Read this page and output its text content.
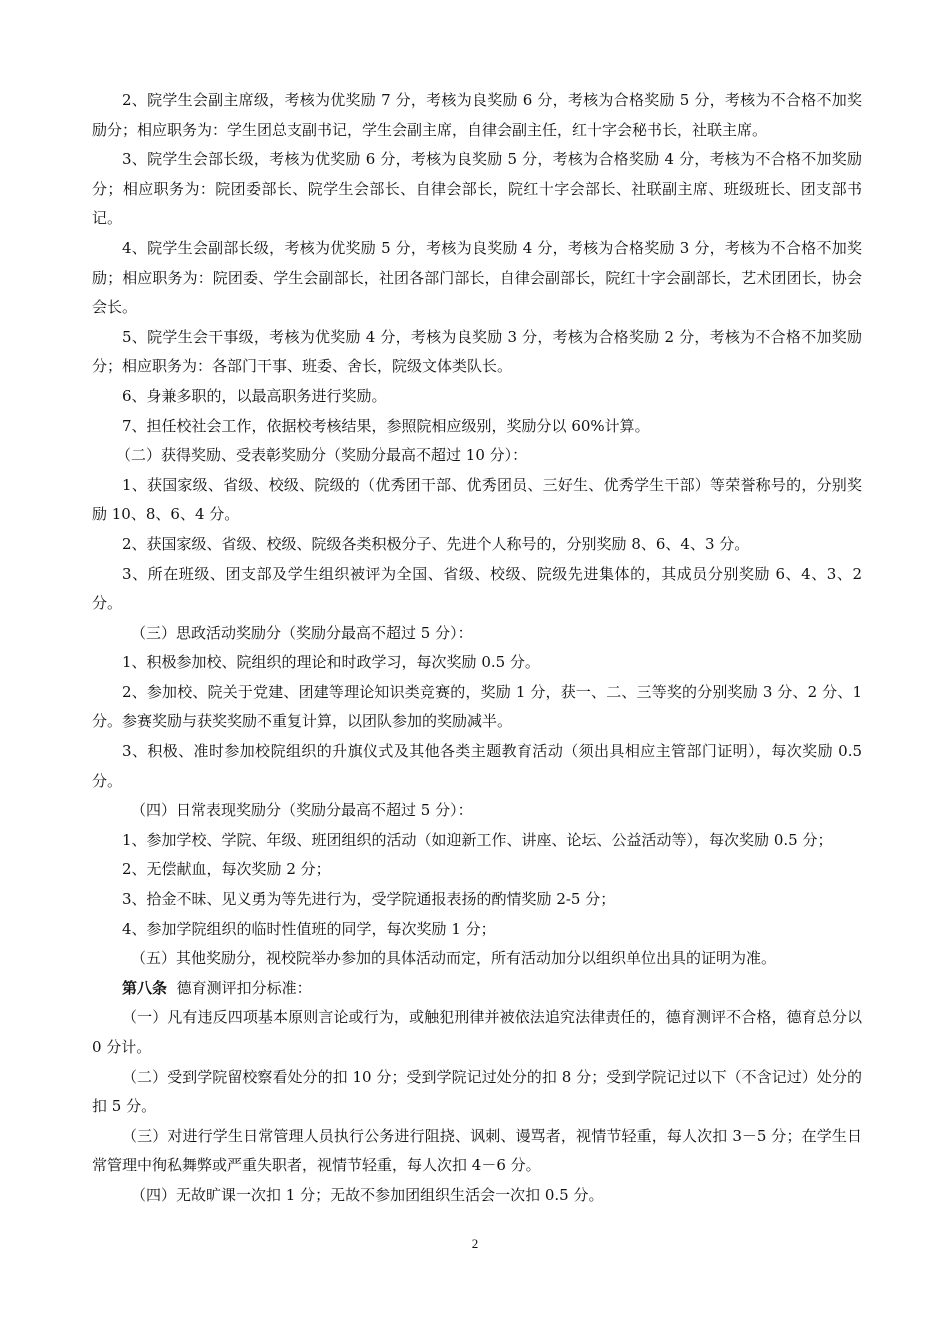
2、院学生会副主席级，考核为优奖励 7 分，考核为良奖励 6 分，考核为合格奖励 5 分，考核为不合格不加奖励分；相应职务为：学生团总支副书记，学生会副主席，自律会副主任，红十字会秘书长，社联主席。

3、院学生会部长级，考核为优奖励 6 分，考核为良奖励 5 分，考核为合格奖励 4 分，考核为不合格不加奖励分；相应职务为：院团委部长、院学生会部长、自律会部长，院红十字会部长、社联副主席、班级班长、团支部书记。

4、院学生会副部长级，考核为优奖励 5 分，考核为良奖励 4 分，考核为合格奖励 3 分，考核为不合格不加奖励；相应职务为：院团委、学生会副部长，社团各部门部长，自律会副部长，院红十字会副部长，艺术团团长，协会会长。

5、院学生会干事级，考核为优奖励 4 分，考核为良奖励 3 分，考核为合格奖励 2 分，考核为不合格不加奖励分；相应职务为：各部门干事、班委、舍长，院级文体类队长。

6、身兼多职的，以最高职务进行奖励。

7、担任校社会工作，依据校考核结果，参照院相应级别，奖励分以 60%计算。

（二）获得奖励、受表彰奖励分（奖励分最高不超过 10 分）：

1、获国家级、省级、校级、院级的（优秀团干部、优秀团员、三好生、优秀学生干部）等荣誉称号的，分别奖励 10、8、6、4 分。

2、获国家级、省级、校级、院级各类积极分子、先进个人称号的，分别奖励 8、6、4、3 分。

3、所在班级、团支部及学生组织被评为全国、省级、校级、院级先进集体的，其成员分别奖励 6、4、3、2 分。

（三）思政活动奖励分（奖励分最高不超过 5 分）：

1、积极参加校、院组织的理论和时政学习，每次奖励 0.5 分。

2、参加校、院关于党建、团建等理论知识类竞赛的，奖励 1 分，获一、二、三等奖的分别奖励 3 分、2 分、1 分。参赛奖励与获奖奖励不重复计算，以团队参加的奖励减半。

3、积极、准时参加校院组织的升旗仪式及其他各类主题教育活动（须出具相应主管部门证明），每次奖励 0.5 分。

（四）日常表现奖励分（奖励分最高不超过 5 分）：

1、参加学校、学院、年级、班团组织的活动（如迎新工作、讲座、论坛、公益活动等），每次奖励 0.5 分；

2、无偿献血，每次奖励 2 分；

3、拾金不昧、见义勇为等先进行为，受学院通报表扬的酌情奖励 2-5 分；

4、参加学院组织的临时性值班的同学，每次奖励 1 分；

（五）其他奖励分，视校院举办参加的具体活动而定，所有活动加分以组织单位出具的证明为准。

第八条 德育测评扣分标准：

（一）凡有违反四项基本原则言论或行为，或触犯刑律并被依法追究法律责任的，德育测评不合格，德育总分以 0 分计。

（二）受到学院留校察看处分的扣 10 分；受到学院记过处分的扣 8 分；受到学院记过以下（不含记过）处分的扣 5 分。

（三）对进行学生日常管理人员执行公务进行阻挠、讽刺、谩骂者，视情节轻重，每人次扣 3－5 分；在学生日常管理中徇私舞弊或严重失职者，视情节轻重，每人次扣 4－6 分。

（四）无故旷课一次扣 1 分；无故不参加团组织生活会一次扣 0.5 分。

2
